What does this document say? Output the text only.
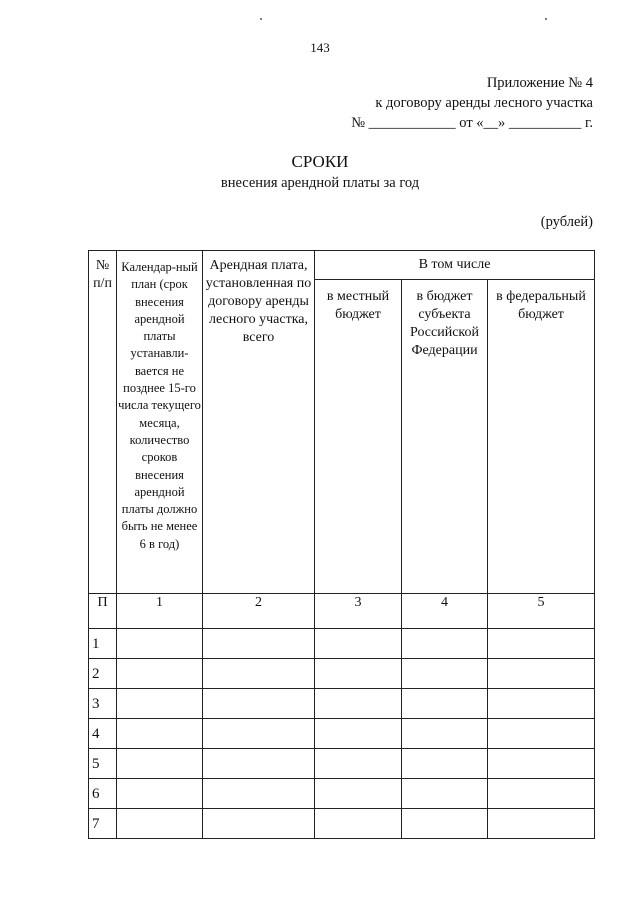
143
Приложение № 4
к договору аренды лесного участка
№ ____________ от «__» __________ г.
СРОКИ
внесения арендной платы за год
(рублей)
№ п/п	Календар-ный план (срок внесения арендной платы устанавли-вается не позднее 15-го числа текущего месяца, количество сроков внесения арендной платы должно быть не менее 6 в год)	Арендная плата, установленная по договору аренды лесного участка, всего	В том числе		
			в местный бюджет	в бюджет субъекта Российской Федерации	в федеральный бюджет
П	1	2	3	4	5
1					
2					
3					
4					
5					
6					
7					
